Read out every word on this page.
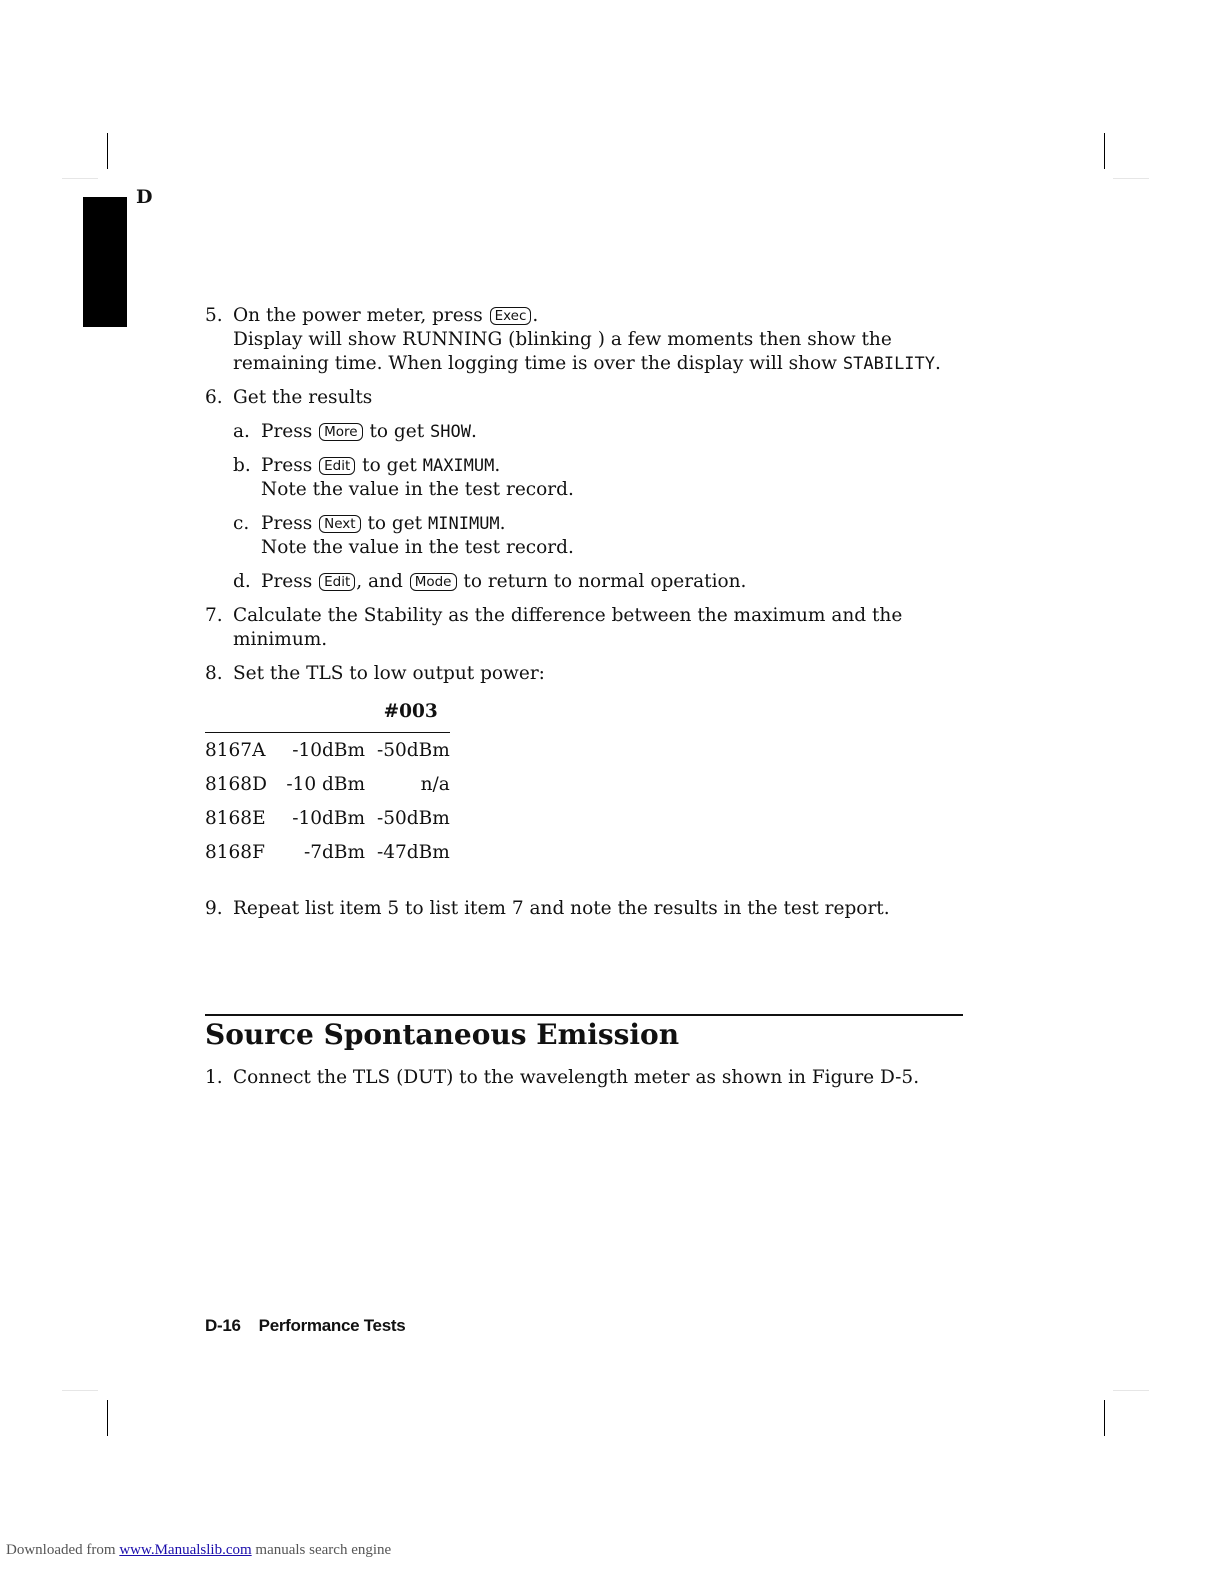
D
5. On the power meter, press Exec .
Display will show RUNNING (blinking ) a few moments then show the
remaining time. When logging time is over the display will show STABILITY.
6. Get the results
a. Press More to get SHOW.
b. Press Edit to get MAXIMUM.
Note the value in the test record.
c. Press Next to get MINIMUM.
Note the value in the test record.
d. Press Edit , and Mode to return to normal operation.
7. Calculate the Stability as the difference between the maximum and the
minimum.
8. Set the TLS to low output power:
		#003
8167A	-10dBm	-50dBm
8168D	-10 dBm	n/a
8168E	-10dBm	-50dBm
8168F	-7dBm	-47dBm
9. Repeat list item 5 to list item 7 and note the results in the test report.
Source Spontaneous Emission
1. Connect the TLS (DUT) to the wavelength meter as shown in Figure D-5.
D-16 Performance Tests
Downloaded from www.Manualslib.com manuals search engine
